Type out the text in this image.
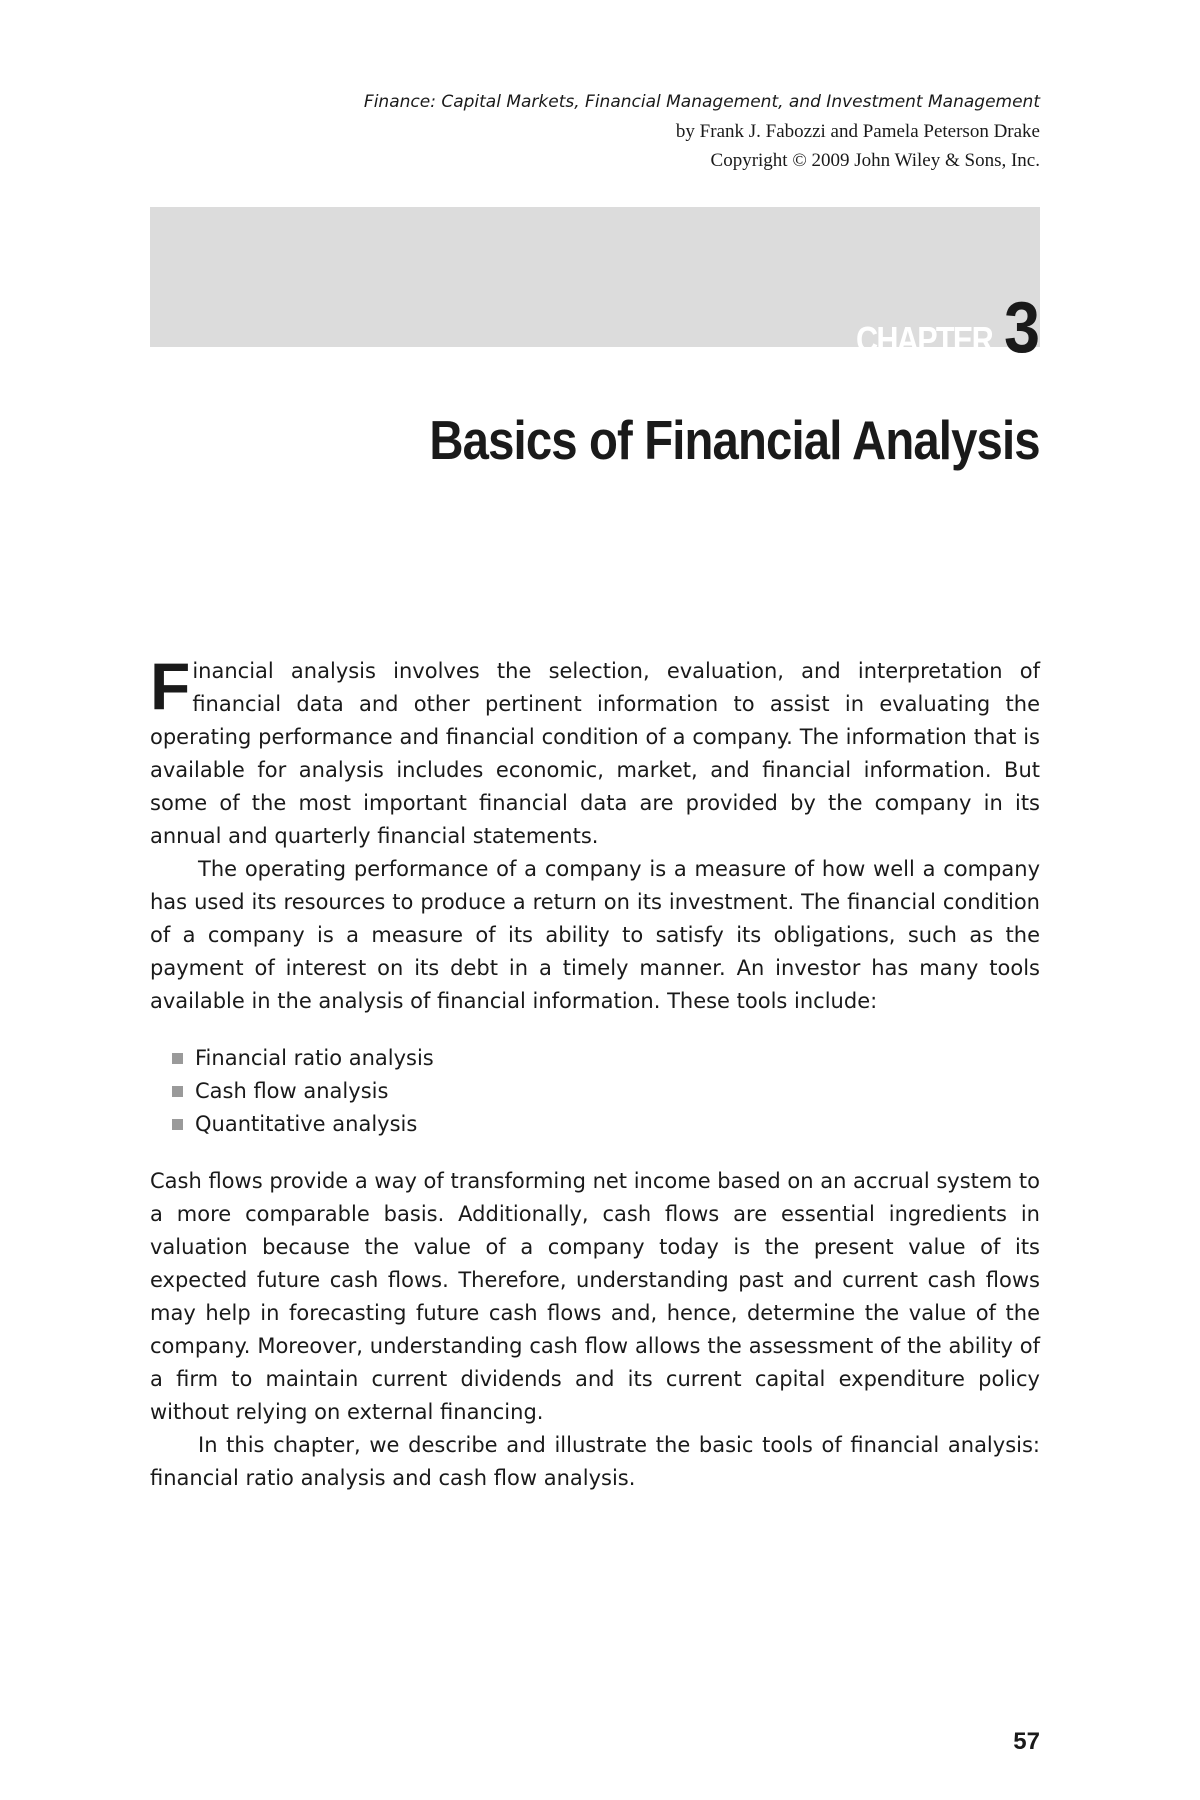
Finance: Capital Markets, Financial Management, and Investment Management
by Frank J. Fabozzi and Pamela Peterson Drake
Copyright © 2009 John Wiley & Sons, Inc.
CHAPTER 3
Basics of Financial Analysis

Financial analysis involves the selection, evaluation, and interpretation of financial data and other pertinent information to assist in evaluating the operating performance and financial condition of a company. The information that is available for analysis includes economic, market, and financial information. But some of the most important financial data are provided by the company in its annual and quarterly financial statements.

The operating performance of a company is a measure of how well a company has used its resources to produce a return on its investment. The financial condition of a company is a measure of its ability to satisfy its obligations, such as the payment of interest on its debt in a timely manner. An investor has many tools available in the analysis of financial information. These tools include:

Financial ratio analysis
Cash flow analysis
Quantitative analysis

Cash flows provide a way of transforming net income based on an accrual system to a more comparable basis. Additionally, cash flows are essential ingredients in valuation because the value of a company today is the present value of its expected future cash flows. Therefore, understanding past and current cash flows may help in forecasting future cash flows and, hence, determine the value of the company. Moreover, understanding cash flow allows the assessment of the ability of a firm to maintain current dividends and its current capital expenditure policy without relying on external financing.

In this chapter, we describe and illustrate the basic tools of financial analysis: financial ratio analysis and cash flow analysis.

57
